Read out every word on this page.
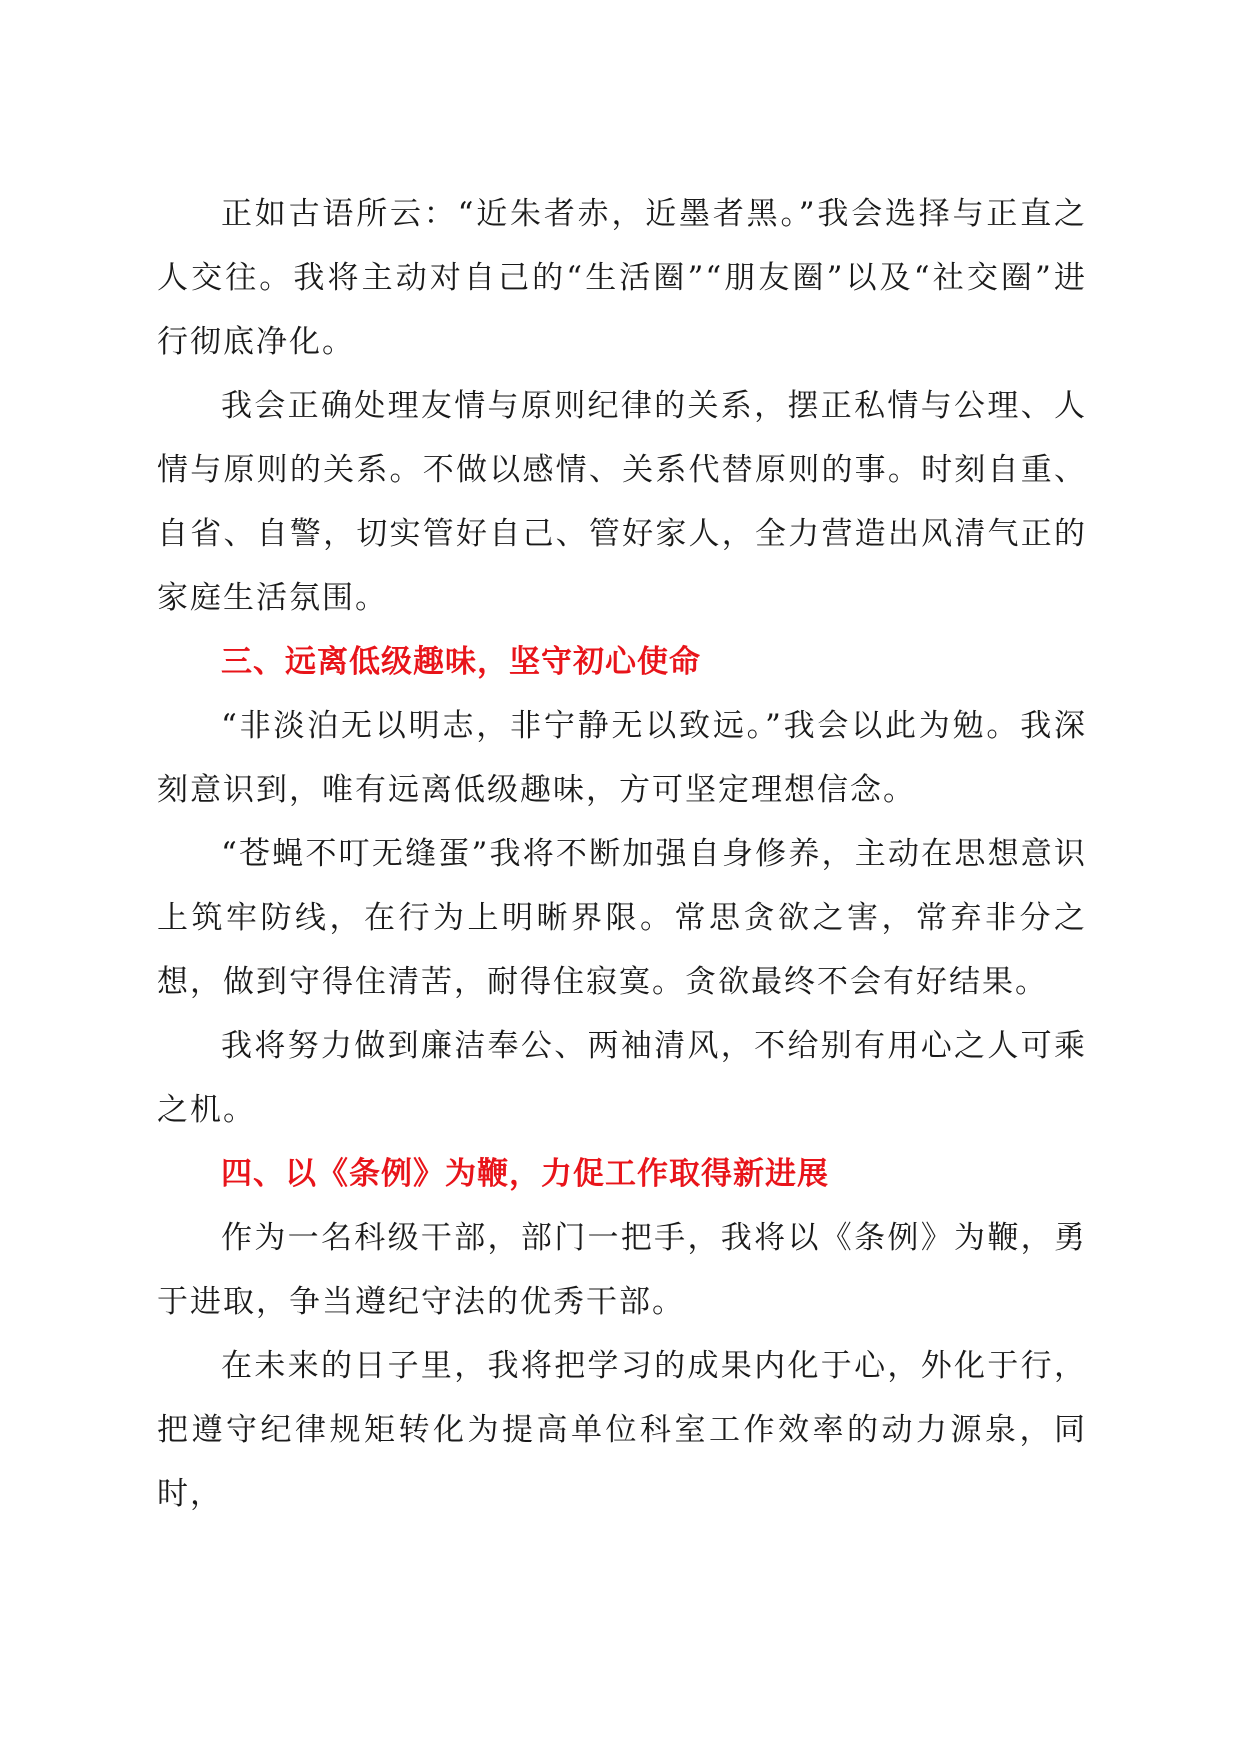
正如古语所云：“近朱者赤，近墨者黑。”我会选择与正直之人交往。我将主动对自己的“生活圈”“朋友圈”以及“社交圈”进行彻底净化。

我会正确处理友情与原则纪律的关系，摆正私情与公理、人情与原则的关系。不做以感情、关系代替原则的事。时刻自重、自省、自警，切实管好自己、管好家人，全力营造出风清气正的家庭生活氛围。

三、远离低级趣味，坚守初心使命

“非淡泊无以明志，非宁静无以致远。”我会以此为勉。我深刻意识到，唯有远离低级趣味，方可坚定理想信念。

“苍蝇不叮无缝蛋”我将不断加强自身修养，主动在思想意识上筑牢防线，在行为上明晰界限。常思贪欲之害，常弃非分之想，做到守得住清苦，耐得住寂寞。贪欲最终不会有好结果。

我将努力做到廉洁奉公、两袖清风，不给别有用心之人可乘之机。

四、以《条例》为鞭，力促工作取得新进展

作为一名科级干部，部门一把手，我将以《条例》为鞭，勇于进取，争当遵纪守法的优秀干部。

在未来的日子里，我将把学习的成果内化于心，外化于行，把遵守纪律规矩转化为提高单位科室工作效率的动力源泉，同时，
